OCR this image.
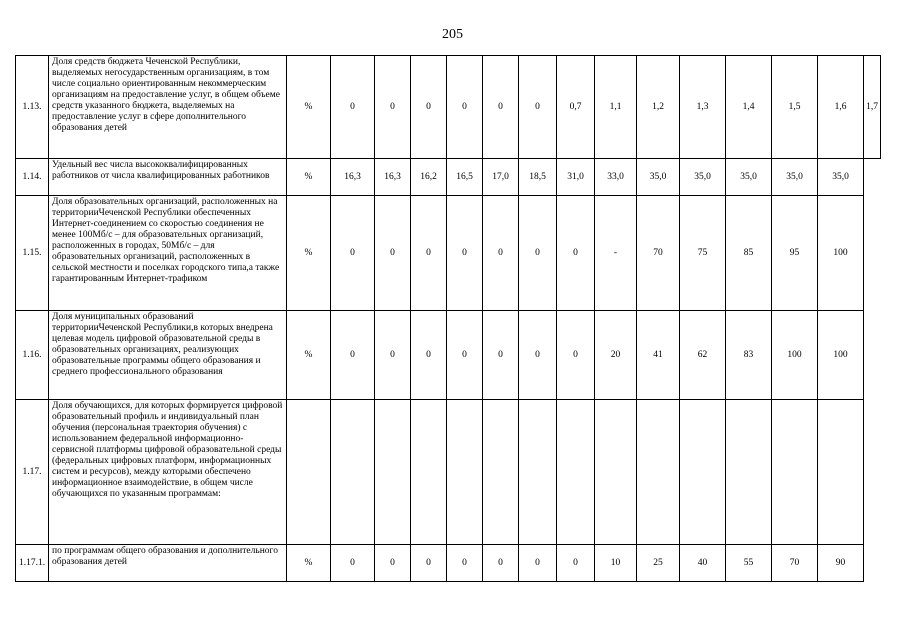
205
1.13.	Доля средств бюджета Чеченской Республики, выделяемых негосударственным организациям, в том числе социально ориентированным некоммерческим организациям на предоставление услуг, в общем объеме средств указанного бюджета, выделяемых на предоставление услуг в сфере дополнительного образования детей	%	0	0	0	0	0	0	0,7	1,1	1,2	1,3	1,4	1,5	1,6	1,7
1.14.	Удельный вес числа высококвалифицированных работников от числа квалифицированных работников	%	16,3	16,3	16,2	16,5	17,0	18,5	31,0	33,0	35,0	35,0	35,0	35,0	35,0	
1.15.	Доля образовательных организаций, расположенных на территорииЧеченской Республики обеспеченных Интернет-соединением со скоростью соединения не менее 100Мб/с – для образовательных организаций, расположенных в городах, 50Мб/с – для образовательных организаций, расположенных в сельской местности и поселках городского типа,а также гарантированным Интернет-трафиком	%	0	0	0	0	0	0	0	-	70	75	85	95	100	
1.16.	Доля муниципальных образований территорииЧеченской Республики,в которых внедрена целевая модель цифровой образовательной среды в образовательных организациях, реализующих образовательные программы общего образования и среднего профессионального образования	%	0	0	0	0	0	0	0	20	41	62	83	100	100	
1.17.	Доля обучающихся, для которых формируется цифровой образовательный профиль и индивидуальный план обучения (персональная траектория обучения) с использованием федеральной информационно-сервисной платформы цифровой образовательной среды (федеральных цифровых платформ, информационных систем и ресурсов), между которыми обеспечено информационное взаимодействие, в общем числе обучающихся по указанным программам:															
1.17.1.	по программам общего образования и дополнительного образования детей	%	0	0	0	0	0	0	0	10	25	40	55	70	90	
